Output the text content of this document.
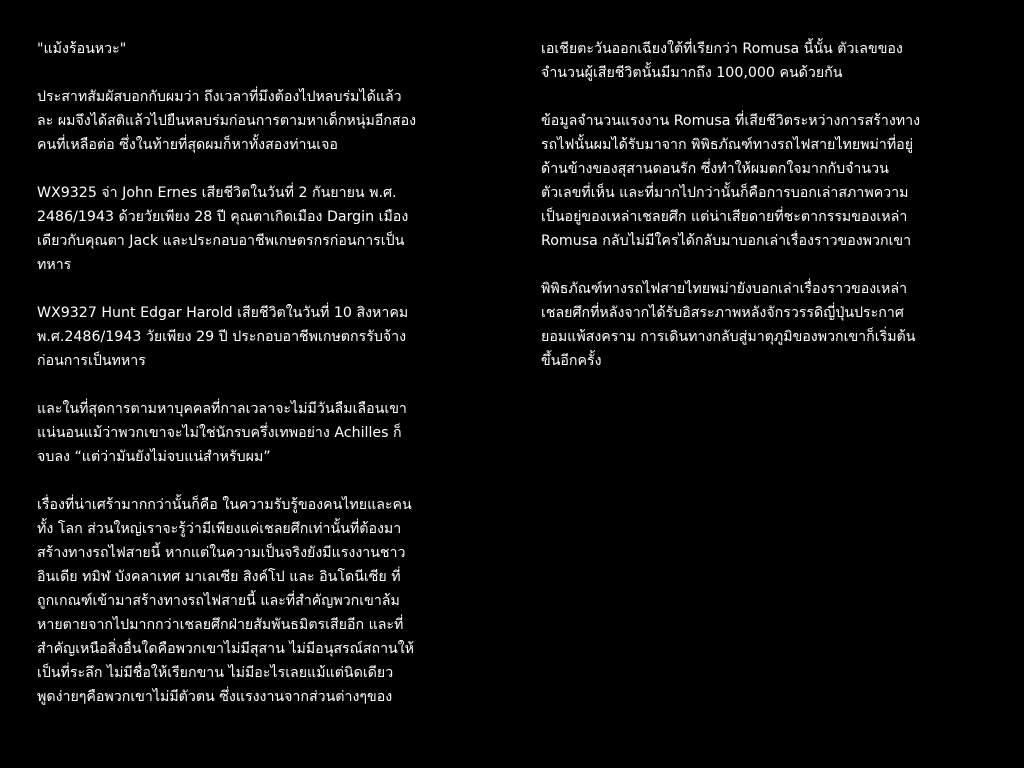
"แม้งร้อนหวะ"

ประสาทสัมผัสบอกกับผมว่า ถึงเวลาที่มึงต้องไปหลบร่มได้แล้ว
ละ ผมจึงได้สติแล้วไปยืนหลบร่มก่อนการตามหาเด็กหนุ่มอีกสอง
คนที่เหลือต่อ ซึ่งในท้ายที่สุดผมก็หาทั้งสองท่านเจอ

WX9325 จ่า John Ernes เสียชีวิตในวันที่ 2 กันยายน พ.ศ.
2486/1943 ด้วยวัยเพียง 28 ปี คุณตาเกิดเมือง Dargin เมือง
เดียวกับคุณตา Jack และประกอบอาชีพเกษตรกรก่อนการเป็น
ทหาร

WX9327 Hunt Edgar Harold เสียชีวิตในวันที่ 10 สิงหาคม
พ.ศ.2486/1943 วัยเพียง 29 ปี ประกอบอาชีพเกษตกรรับจ้าง
ก่อนการเป็นทหาร

และในที่สุดการตามหาบุคคลที่กาลเวลาจะไม่มีวันลืมเลือนเขา
แน่นอนแม้ว่าพวกเขาจะไม่ใช่นักรบครึ่งเทพอย่าง Achilles ก็
จบลง “แต่ว่ามันยังไม่จบแน่สำหรับผม”

เรื่องที่น่าเศร้ามากกว่านั้นก็คือ ในความรับรู้ของคนไทยและคน
ทั้ง โลก ส่วนใหญ่เราจะรู้ว่ามีเพียงแค่เชลยศึกเท่านั้นที่ต้องมา
สร้างทางรถไฟสายนี้ หากแต่ในความเป็นจริงยังมีแรงงานชาว
อินเดีย ทมิฬ บังคลาเทศ มาเลเซีย สิงค์โป และ อินโดนีเซีย ที่
ถูกเกณฑ์เข้ามาสร้างทางรถไฟสายนี้ และที่สำคัญพวกเขาล้ม
หายตายจากไปมากกว่าเชลยศึกฝ่ายสัมพันธมิตรเสียอีก และที่
สำคัญเหนือสิ่งอื่นใดคือพวกเขาไม่มีสุสาน ไม่มีอนุสรณ์สถานให้
เป็นที่ระลึก ไม่มีชื่อให้เรียกขาน ไม่มีอะไรเลยแม้แต่นิดเดียว
พูดง่ายๆคือพวกเขาไม่มีตัวตน ซึ่งแรงงานจากส่วนต่างๆของ

เอเชียตะวันออกเฉียงใต้ที่เรียกว่า Romusa นี้นั้น ตัวเลขของ
จำนวนผู้เสียชีวิตนั้นมีมากถึง 100,000 คนด้วยกัน

ข้อมูลจำนวนแรงงาน Romusa ที่เสียชีวิตระหว่างการสร้างทาง
รถไฟนั้นผมได้รับมาจาก พิพิธภัณฑ์ทางรถไฟสายไทยพม่าที่อยู่
ด้านข้างของสุสานดอนรัก ซึ่งทำให้ผมตกใจมากกับจำนวน
ตัวเลขที่เห็น และที่มากไปกว่านั้นก็คือการบอกเล่าสภาพความ
เป็นอยู่ของเหล่าเชลยศึก แต่น่าเสียดายที่ชะตากรรมของเหล่า
Romusa กลับไม่มีใครได้กลับมาบอกเล่าเรื่องราวของพวกเขา

พิพิธภัณฑ์ทางรถไฟสายไทยพม่ายังบอกเล่าเรื่องราวของเหล่า
เชลยศึกที่หลังจากได้รับอิสระภาพหลังจักรวรรดิญี่ปุ่นประกาศ
ยอมแพ้สงคราม การเดินทางกลับสู่มาตุภูมิของพวกเขาก็เริ่มต้น
ขึ้นอีกครั้ง
